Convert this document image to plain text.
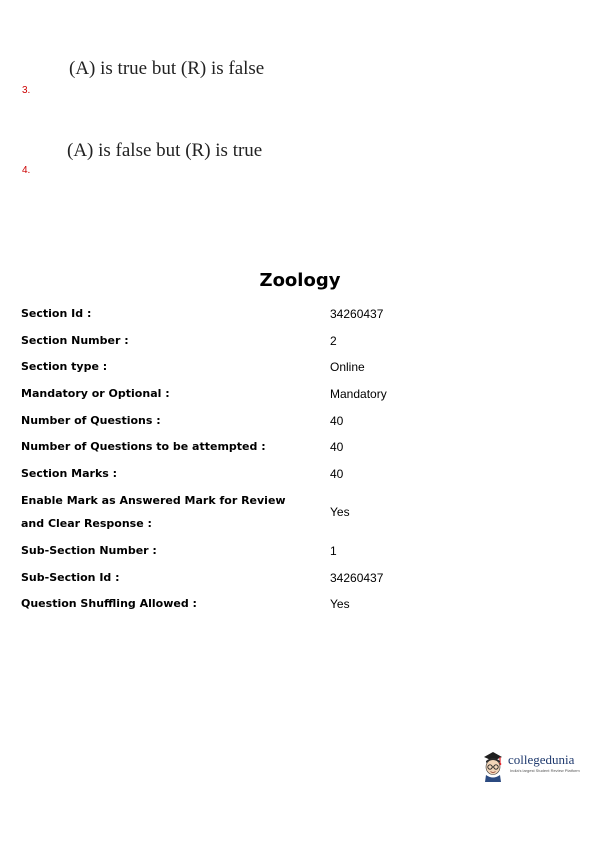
(A) is true but (R) is false
3.
(A) is false but (R) is true
4.
Zoology
Section Id :	34260437
Section Number :	2
Section type :	Online
Mandatory or Optional :	Mandatory
Number of Questions :	40
Number of Questions to be attempted :	40
Section Marks :	40
Enable Mark as Answered Mark for Review and Clear Response :
Yes
Sub-Section Number :	1
Sub-Section Id :	34260437
Question Shuffling Allowed :	Yes
collegedunia
India's largest Student Review Platform
